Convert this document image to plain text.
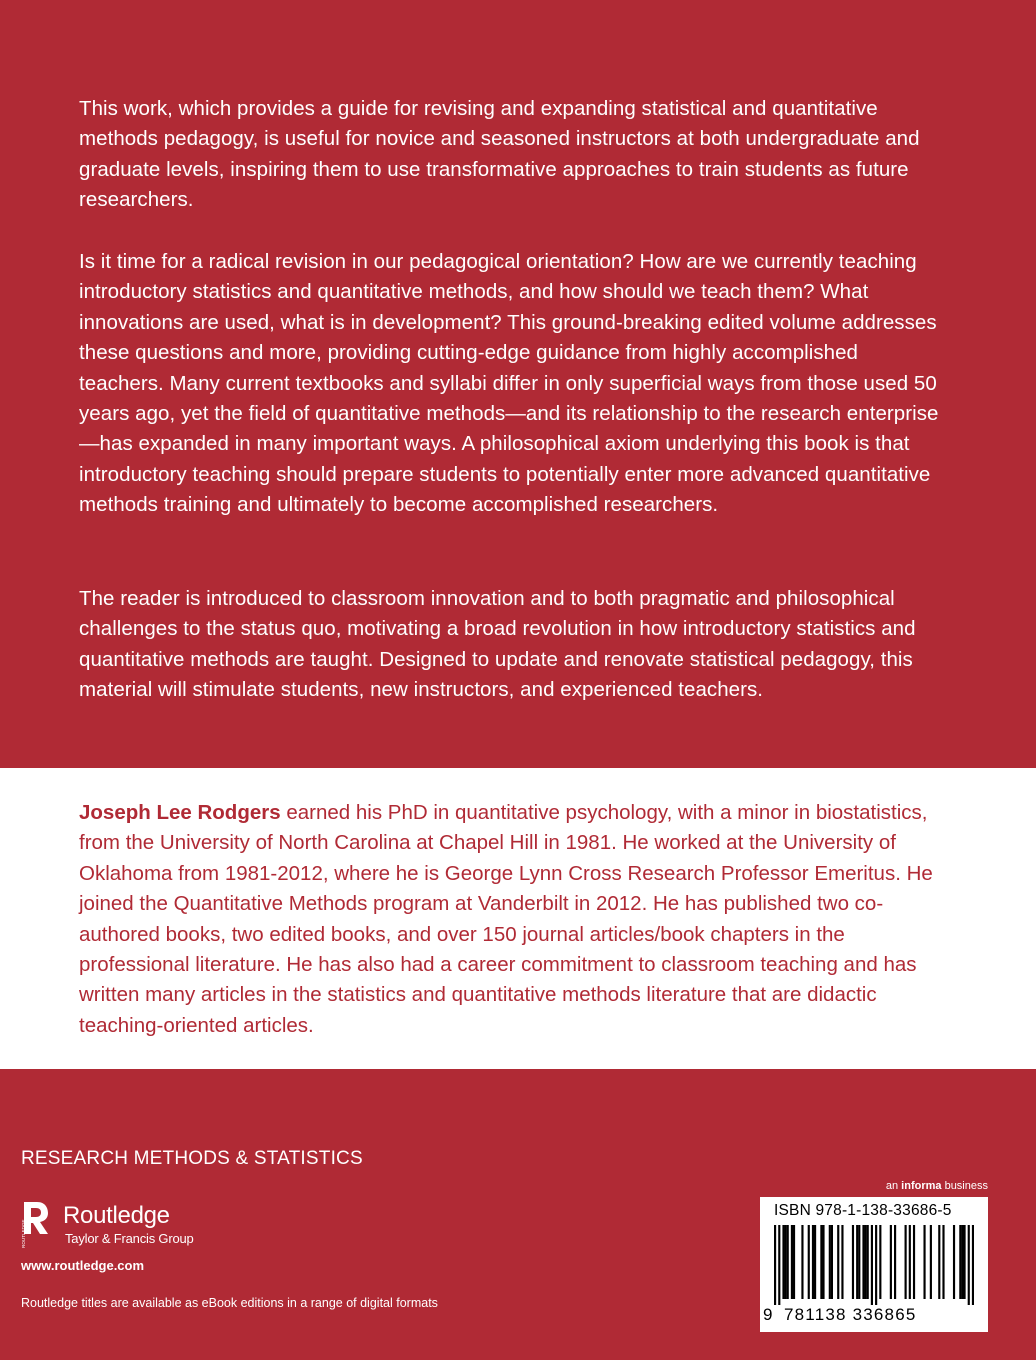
This work, which provides a guide for revising and expanding statistical and quantitative methods pedagogy, is useful for novice and seasoned instructors at both undergraduate and graduate levels, inspiring them to use transformative approaches to train students as future researchers.

Is it time for a radical revision in our pedagogical orientation? How are we currently teaching introductory statistics and quantitative methods, and how should we teach them? What innovations are used, what is in development? This ground-breaking edited volume addresses these questions and more, providing cutting-edge guidance from highly accomplished teachers. Many current textbooks and syllabi differ in only superficial ways from those used 50 years ago, yet the field of quantitative methods—and its relationship to the research enterprise—has expanded in many important ways. A philosophical axiom underlying this book is that introductory teaching should prepare students to potentially enter more advanced quantitative methods training and ultimately to become accomplished researchers.

The reader is introduced to classroom innovation and to both pragmatic and philosophical challenges to the status quo, motivating a broad revolution in how introductory statistics and quantitative methods are taught. Designed to update and renovate statistical pedagogy, this material will stimulate students, new instructors, and experienced teachers.

Joseph Lee Rodgers earned his PhD in quantitative psychology, with a minor in biostatistics, from the University of North Carolina at Chapel Hill in 1981. He worked at the University of Oklahoma from 1981-2012, where he is George Lynn Cross Research Professor Emeritus. He joined the Quantitative Methods program at Vanderbilt in 2012. He has published two co-authored books, two edited books, and over 150 journal articles/book chapters in the professional literature. He has also had a career commitment to classroom teaching and has written many articles in the statistics and quantitative methods literature that are didactic teaching-oriented articles.

RESEARCH METHODS & STATISTICS
ROUTLEDGE
Routledge
Taylor & Francis Group
www.routledge.com
Routledge titles are available as eBook editions in a range of digital formats
an informa business
ISBN 978-1-138-33686-5
9 781138 336865
